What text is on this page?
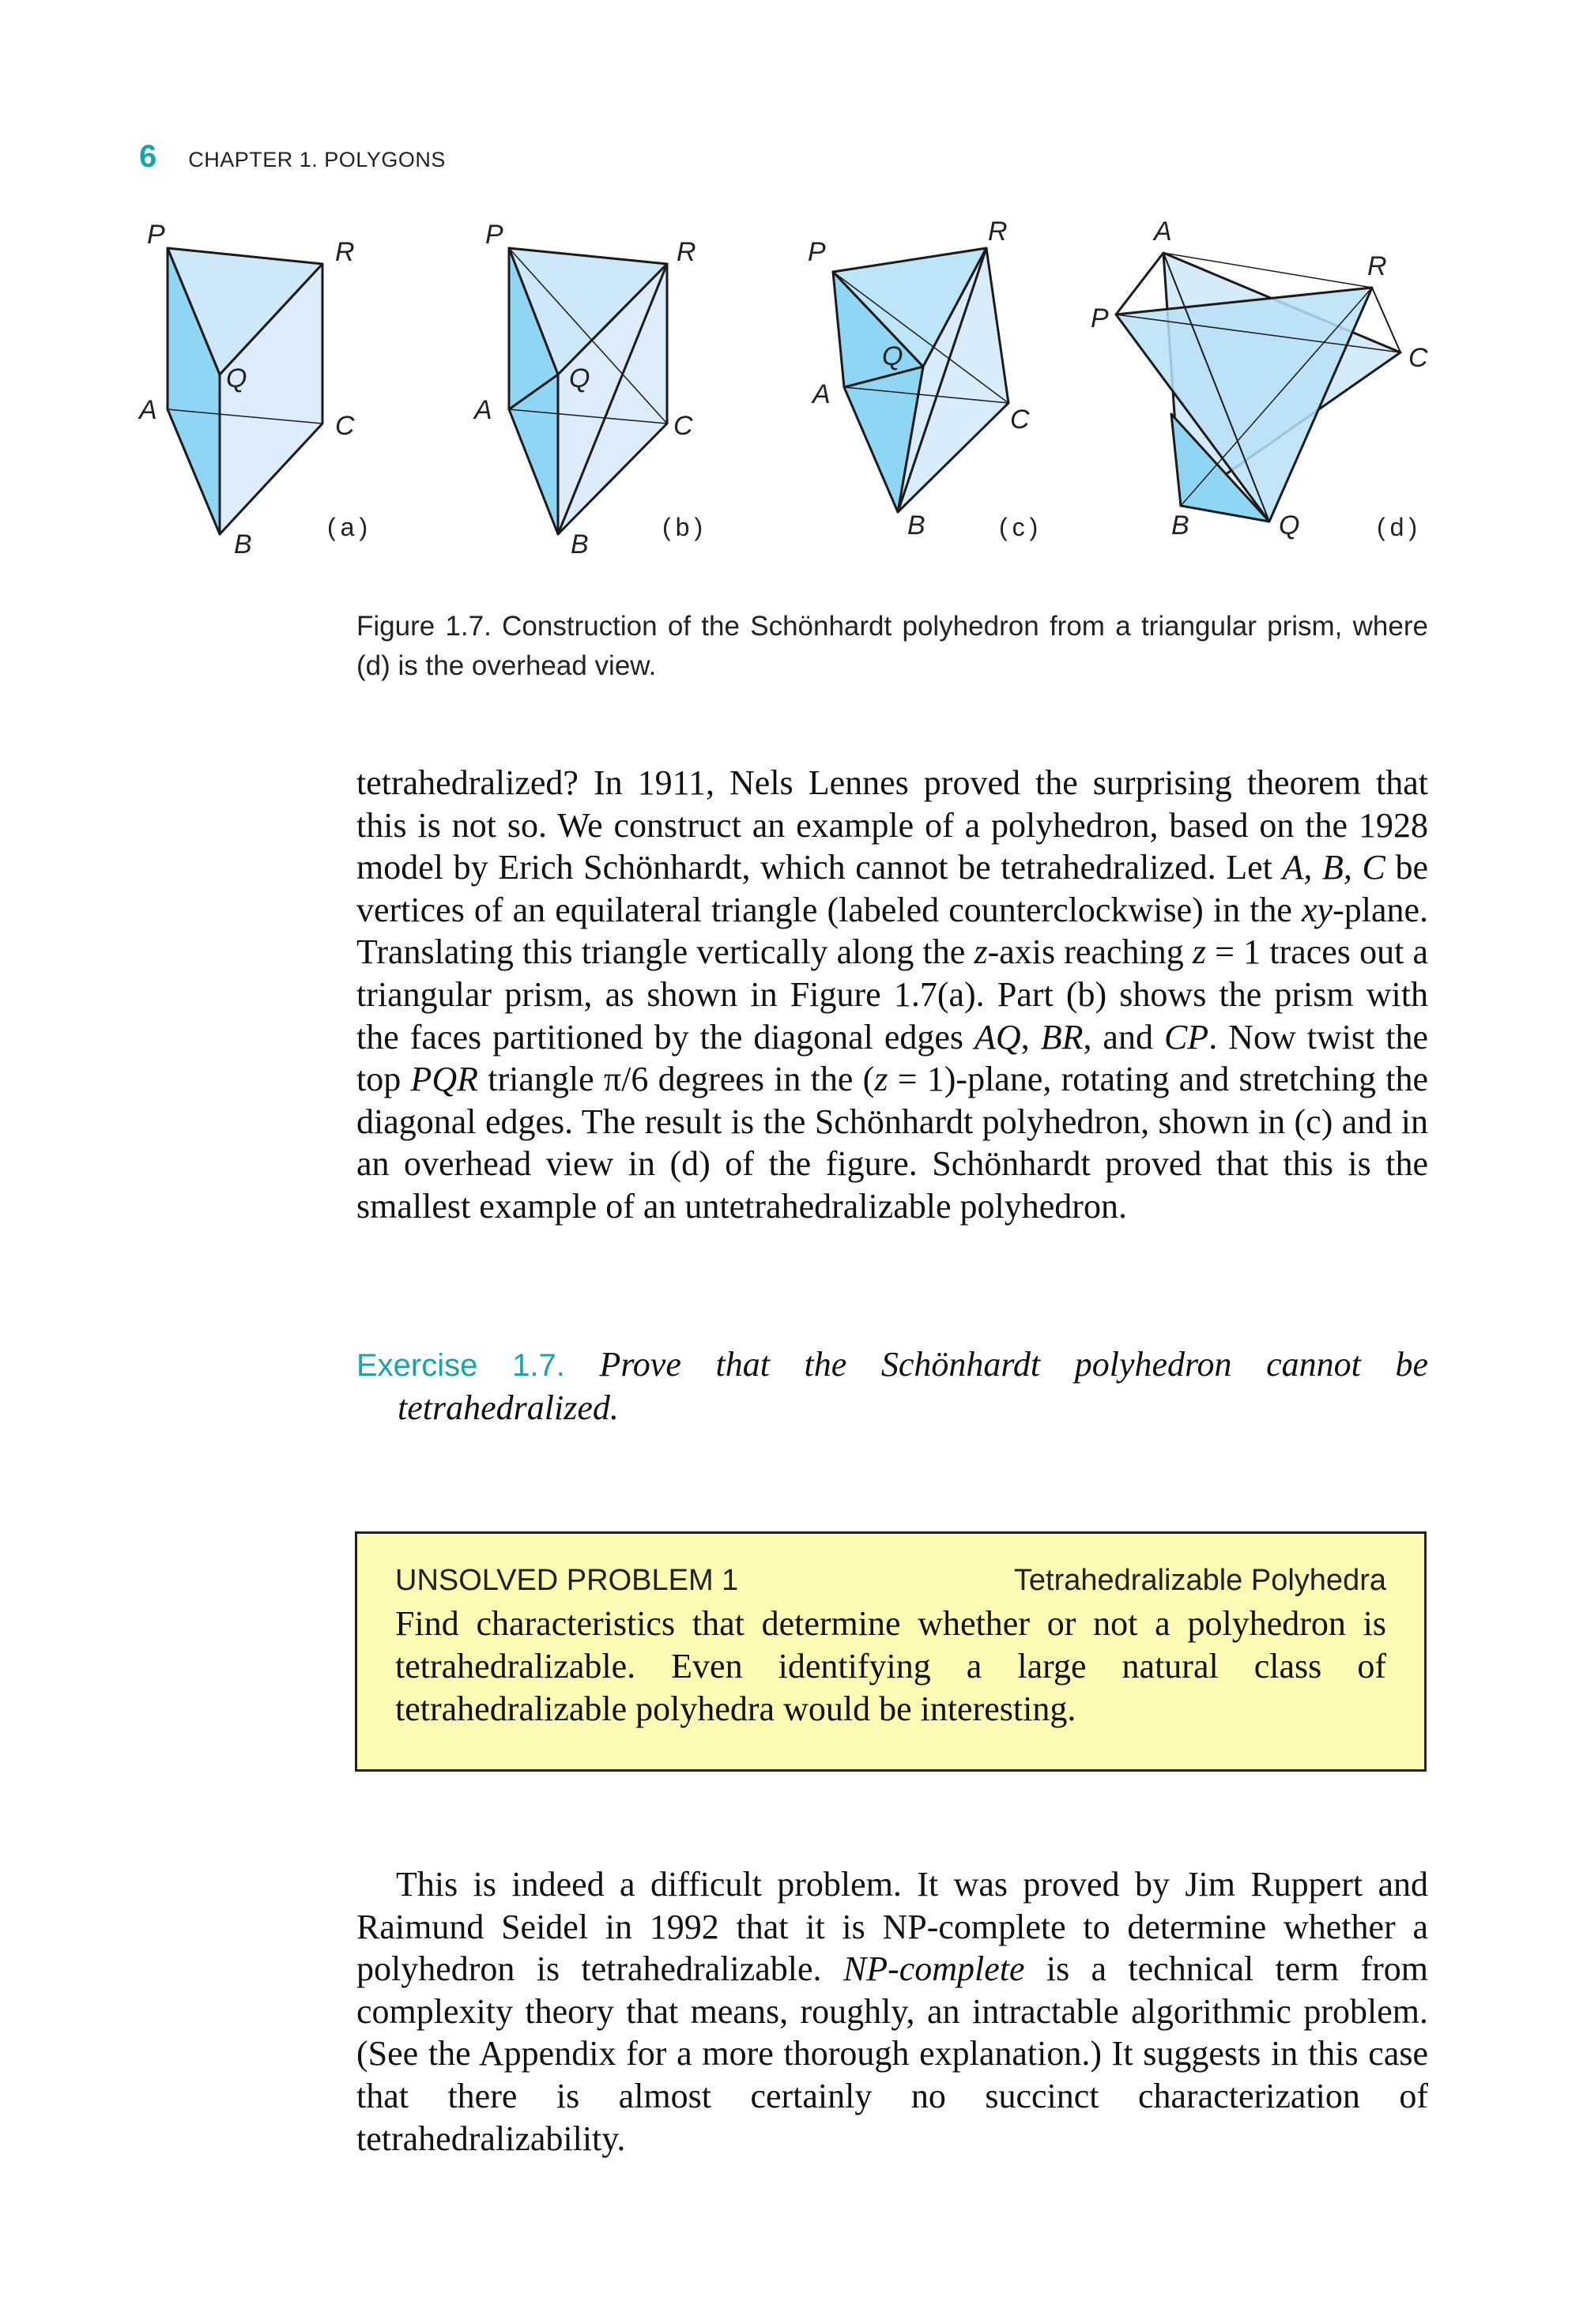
6 CHAPTER 1. POLYGONS
P
R
Q
A
C
B
(a)
P
R
Q
A
C
B
(b)
P
R
Q
A
C
B	(c)
A
R
P
C
B	Q	(d)
Figure 1.7. Construction of the Schönhardt polyhedron from a triangular prism, where (d) is the overhead view.
tetrahedralized? In 1911, Nels Lennes proved the surprising theorem that this is not so. We construct an example of a polyhedron, based on the 1928 model by Erich Schönhardt, which cannot be tetrahedralized. Let A, B, C be vertices of an equilateral triangle (labeled counterclockwise) in the xy-plane. Translating this triangle vertically along the z-axis reaching z = 1 traces out a triangular prism, as shown in Figure 1.7(a). Part (b) shows the prism with the faces partitioned by the diagonal edges AQ, BR, and CP. Now twist the top PQR triangle π/6 degrees in the (z = 1)-plane, rotating and stretching the diagonal edges. The result is the Schönhardt polyhedron, shown in (c) and in an overhead view in (d) of the figure. Schönhardt proved that this is the smallest example of an untetrahedralizable polyhedron.
Exercise 1.7. Prove that the Schönhardt polyhedron cannot be
tetrahedralized.
UNSOLVED PROBLEM 1	Tetrahedralizable Polyhedra
Find characteristics that determine whether or not a polyhedron is tetrahedralizable. Even identifying a large natural class of tetrahedralizable polyhedra would be interesting.
This is indeed a difficult problem. It was proved by Jim Ruppert and Raimund Seidel in 1992 that it is NP-complete to determine whether a polyhedron is tetrahedralizable. NP-complete is a technical term from complexity theory that means, roughly, an intractable algorithmic problem. (See the Appendix for a more thorough explanation.) It suggests in this case that there is almost certainly no succinct characterization of tetrahedralizability.
